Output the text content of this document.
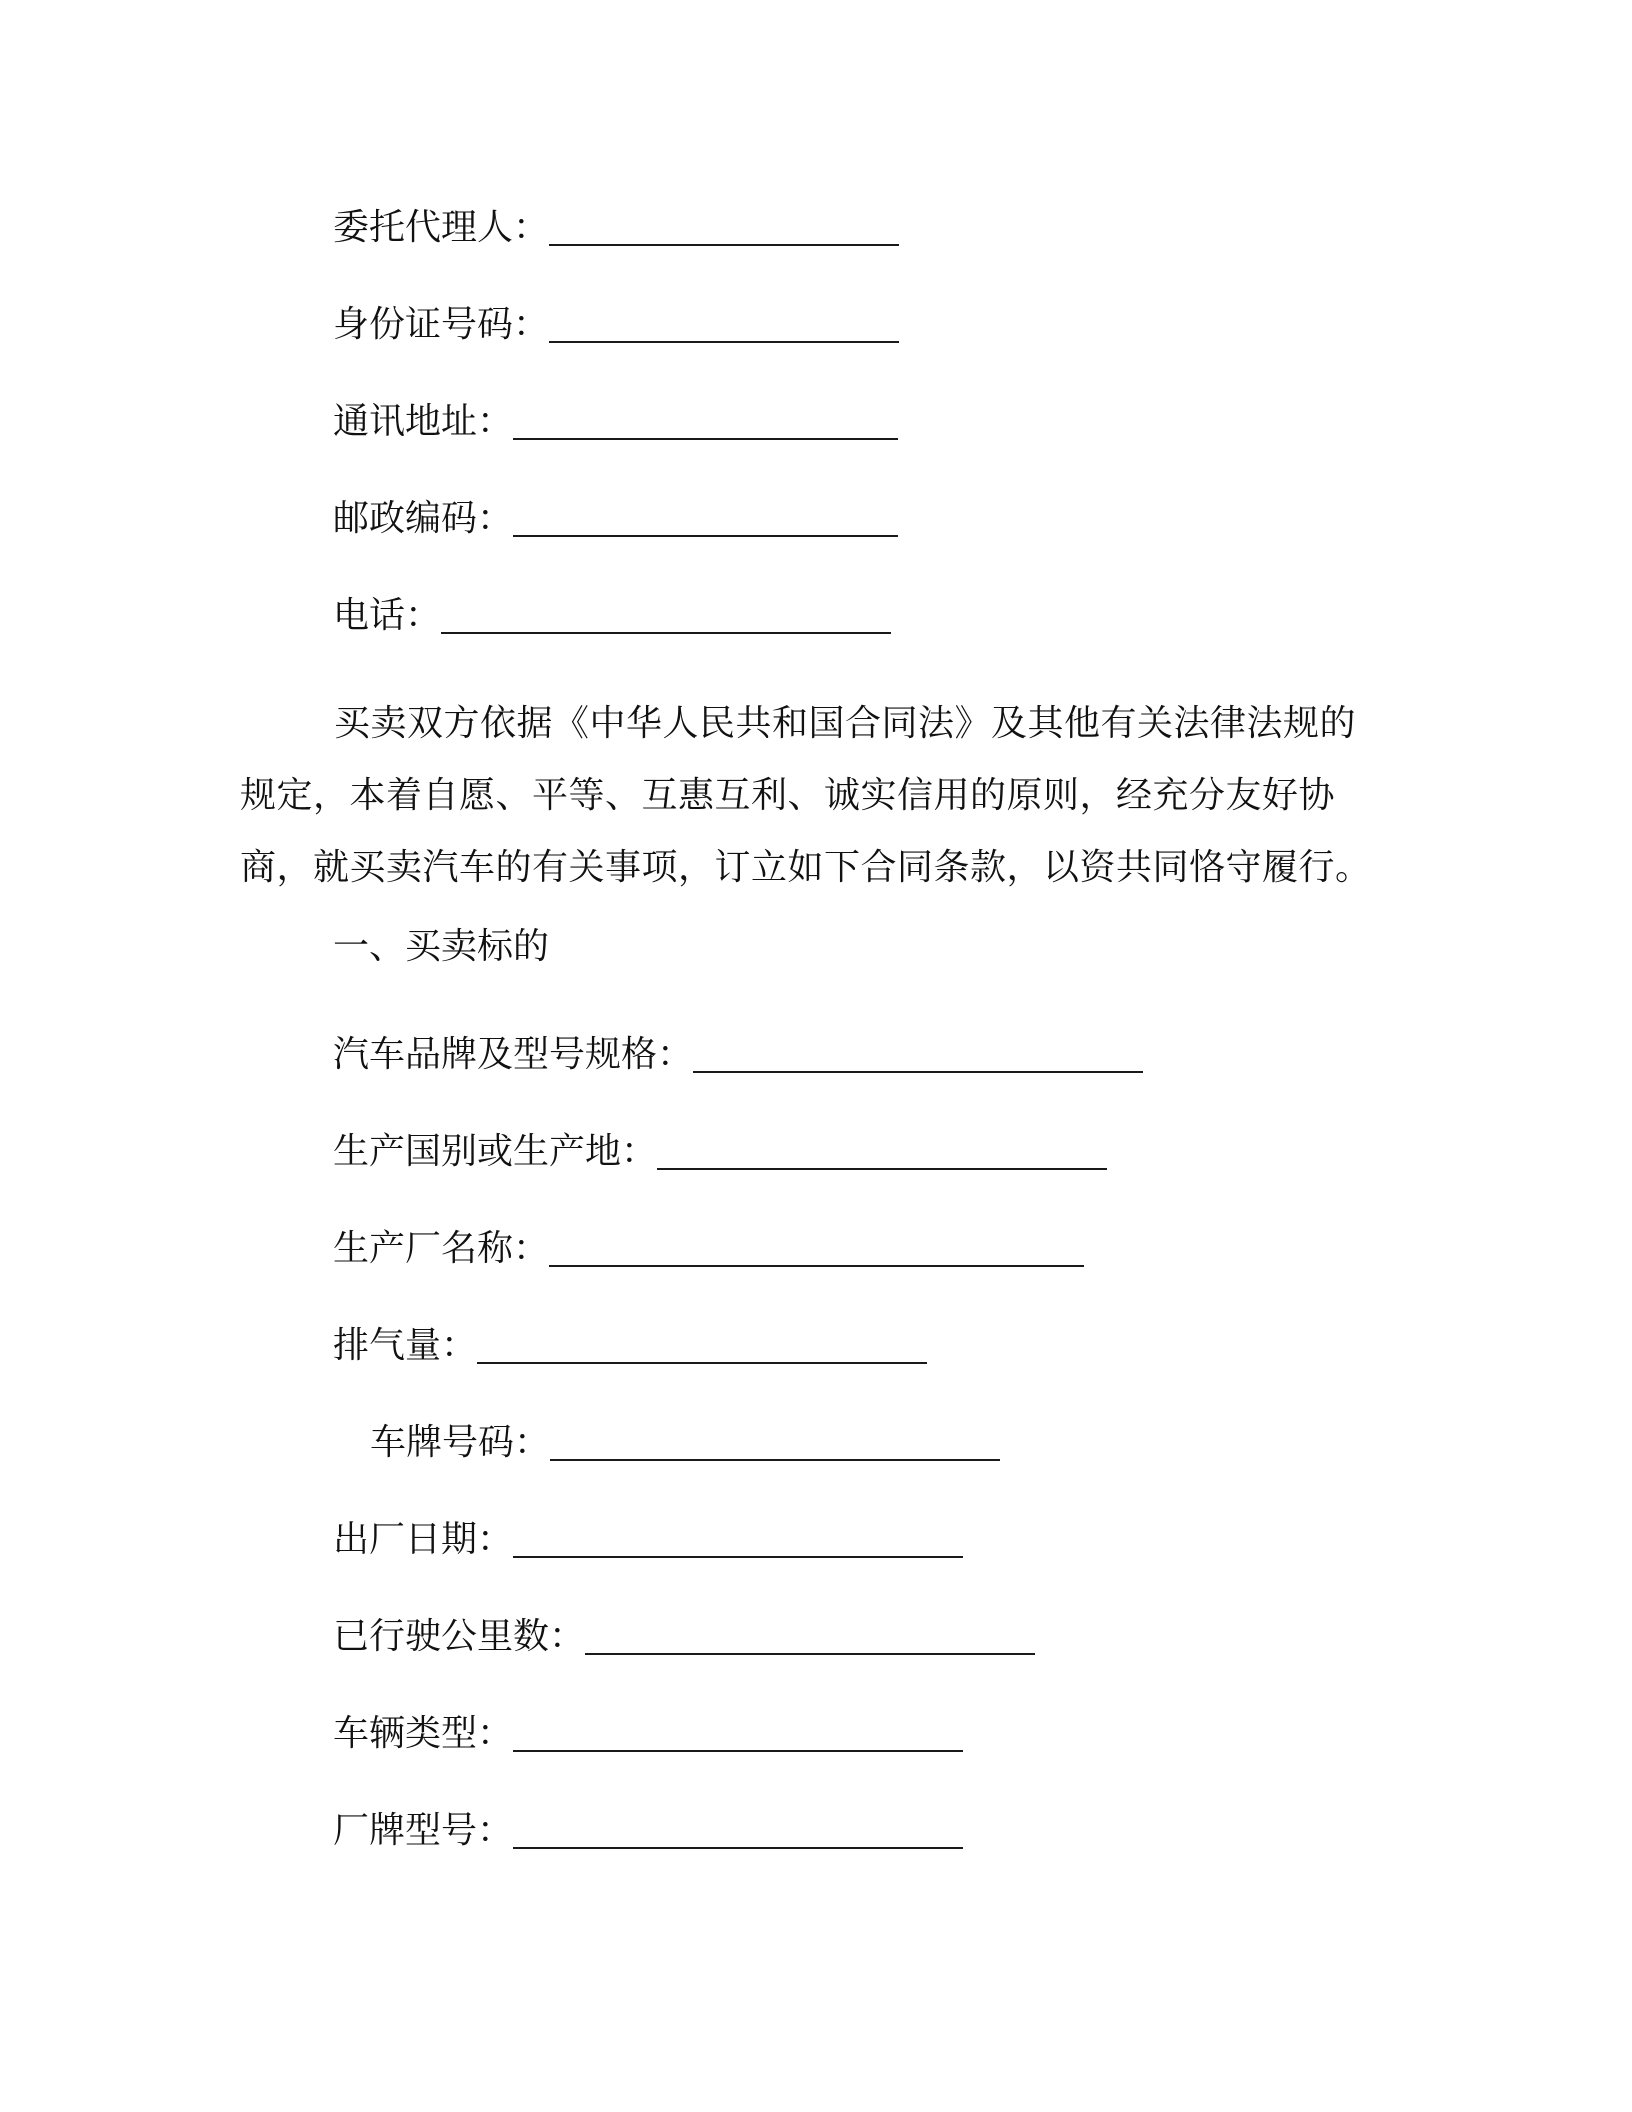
委托代理人：
身份证号码：
通讯地址：
邮政编码：
电话：

买卖双方依据《中华人民共和国合同法》及其他有关法律法规的规定，本着自愿、平等、互惠互利、诚实信用的原则，经充分友好协商，就买卖汽车的有关事项，订立如下合同条款，以资共同恪守履行。

一、买卖标的
汽车品牌及型号规格：
生产国别或生产地：
生产厂名称：
排气量：
车牌号码：
出厂日期：
已行驶公里数：
车辆类型：
厂牌型号：
